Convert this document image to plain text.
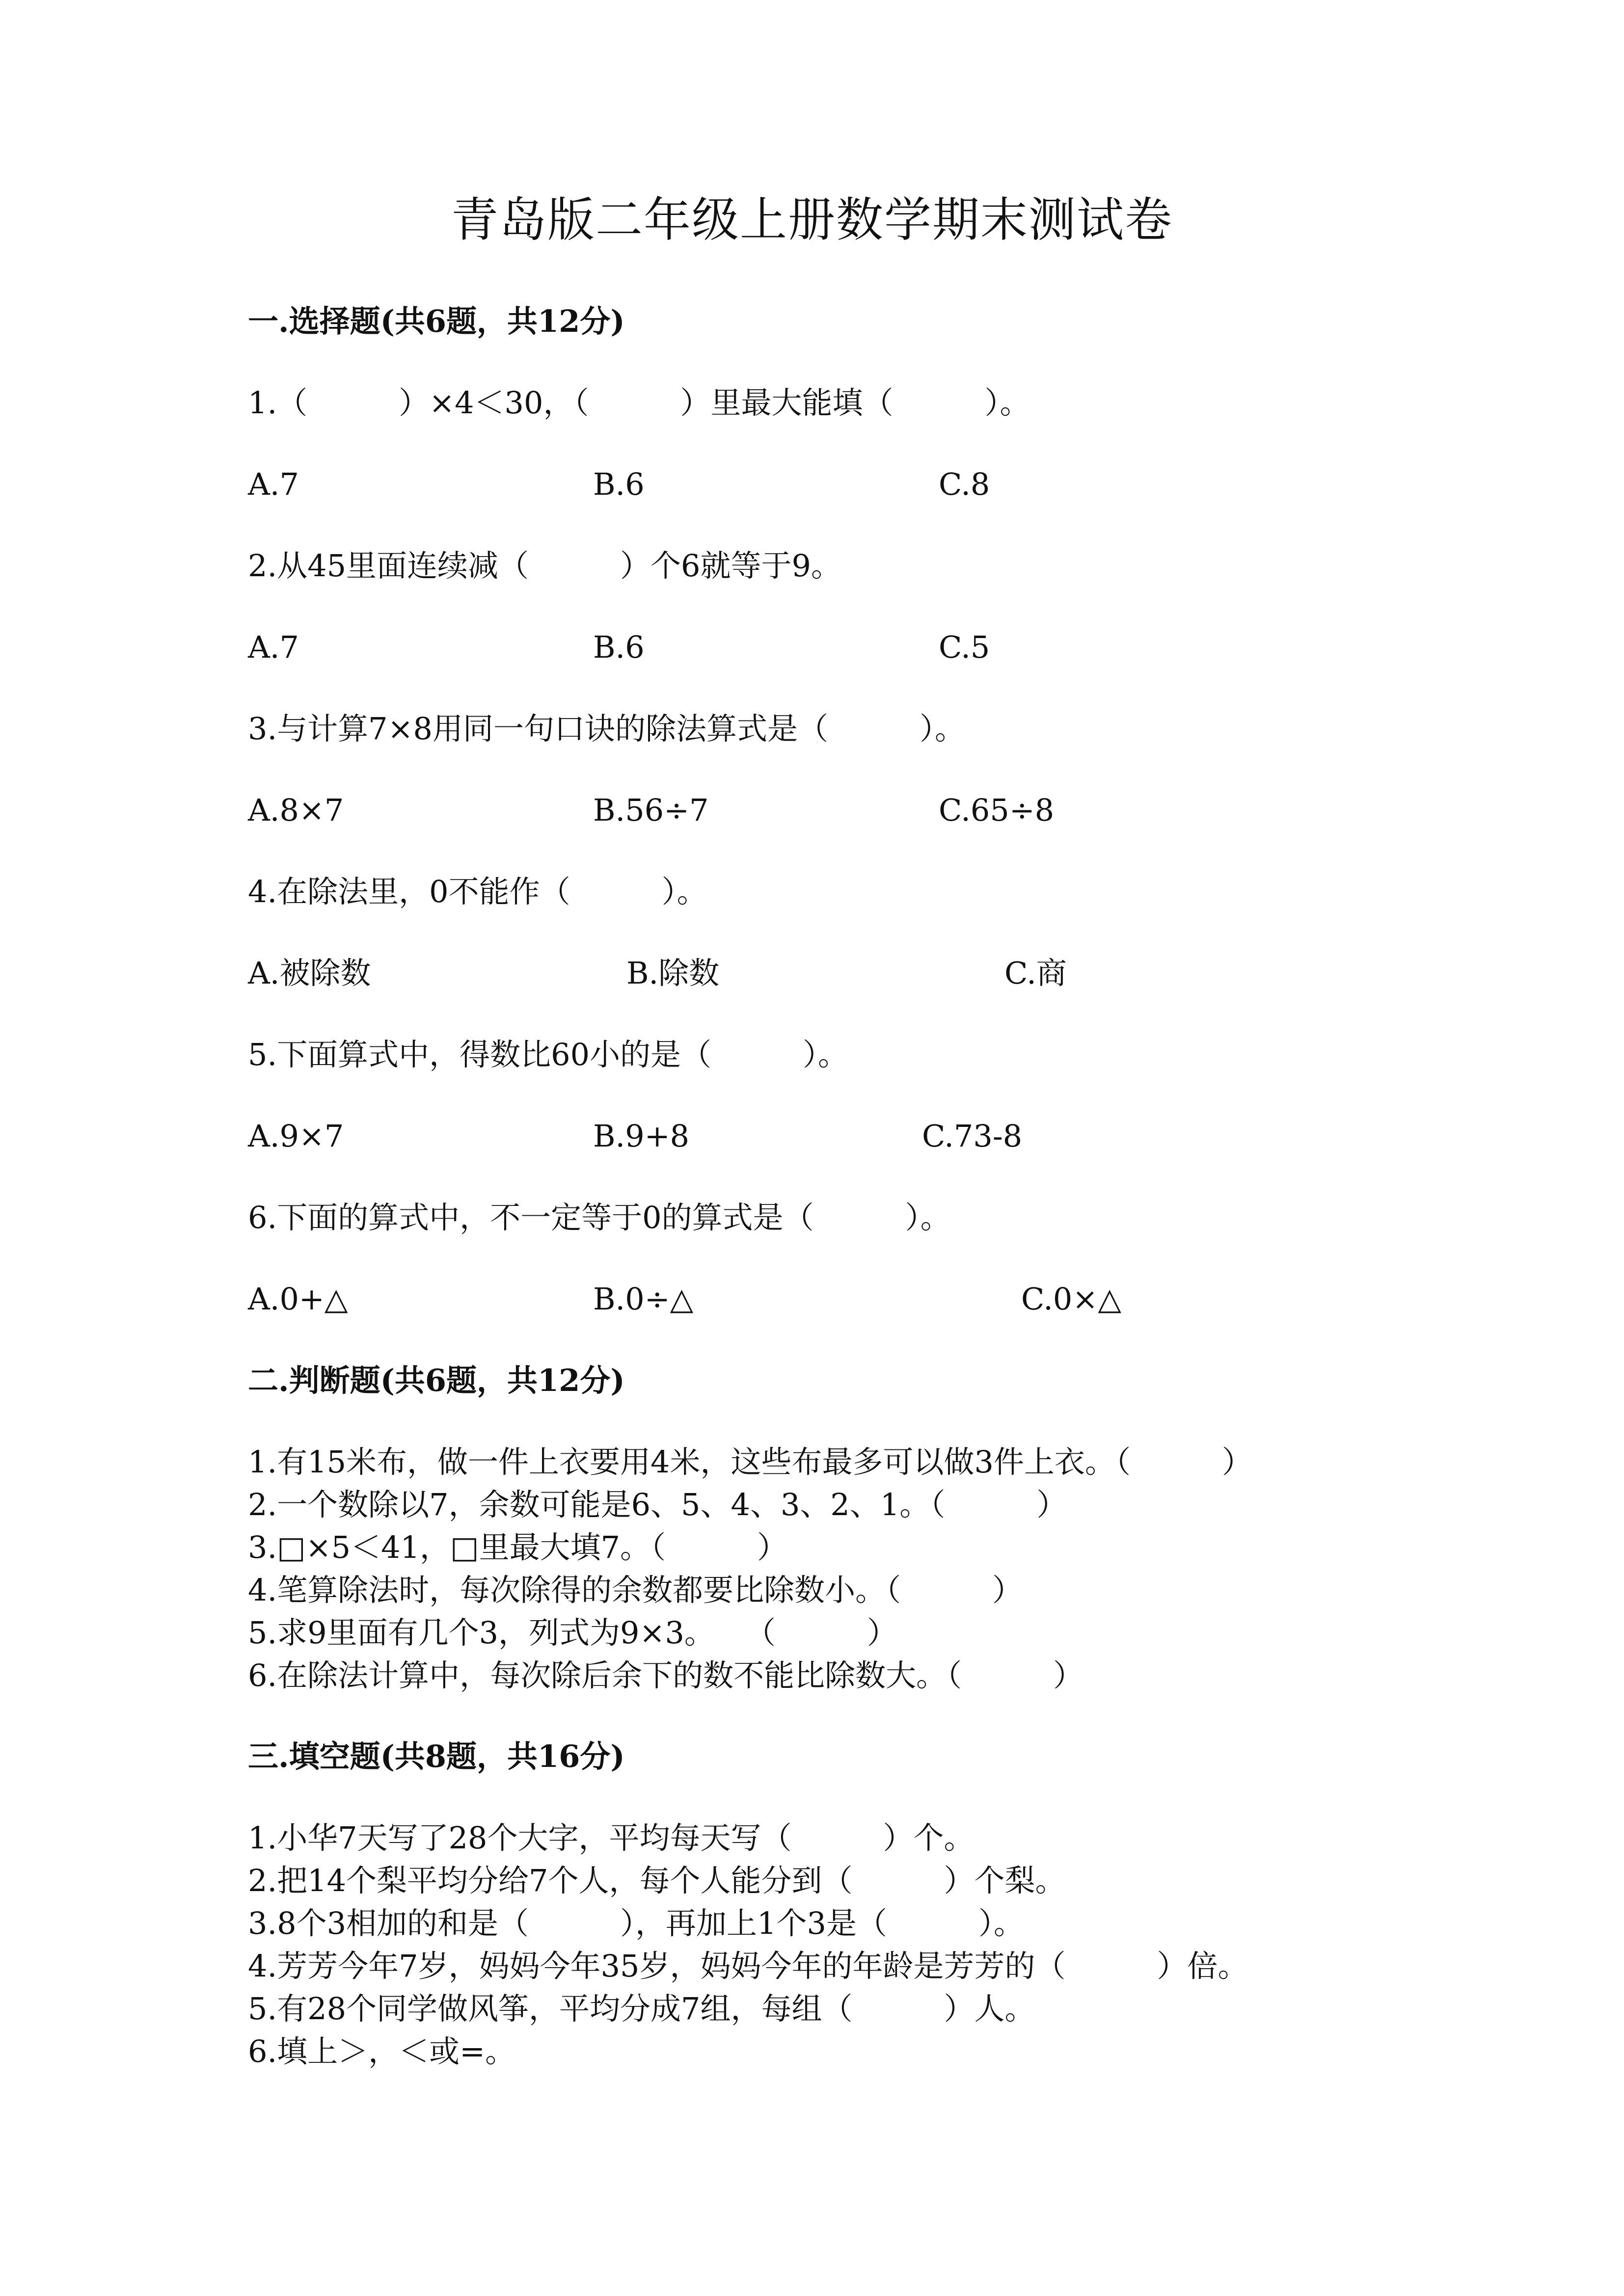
青岛版二年级上册数学期末测试卷
一.选择题(共6题，共12分)
1.（　　　）×4＜30，（　　　）里最大能填（　　　）。
A.7	B.6	C.8
2.从45里面连续减（　　　）个6就等于9。
A.7	B.6	C.5
3.与计算7×8用同一句口诀的除法算式是（　　　）。
A.8×7	B.56÷7	C.65÷8
4.在除法里，0不能作（　　　）。
A.被除数	B.除数	C.商
5.下面算式中，得数比60小的是（　　　）。
A.9×7	B.9+8	C.73-8
6.下面的算式中，不一定等于0的算式是（　　　）。
A.0+△	B.0÷△	C.0×△
二.判断题(共6题，共12分)
1.有15米布，做一件上衣要用4米，这些布最多可以做3件上衣。（　　　）
2.一个数除以7，余数可能是6、5、4、3、2、1。（　　　）
3.□×5＜41，□里最大填7。（　　　）
4.笔算除法时，每次除得的余数都要比除数小。（　　　）
5.求9里面有几个3，列式为9×3。　　（　　　）
6.在除法计算中，每次除后余下的数不能比除数大。（　　　）
三.填空题(共8题，共16分)
1.小华7天写了28个大字，平均每天写（　　　）个。
2.把14个梨平均分给7个人，每个人能分到（　　　）个梨。
3.8个3相加的和是（　　　），再加上1个3是（　　　）。
4.芳芳今年7岁，妈妈今年35岁，妈妈今年的年龄是芳芳的（　　　）倍。
5.有28个同学做风筝，平均分成7组，每组（　　　）人。
6.填上＞，＜或=。
